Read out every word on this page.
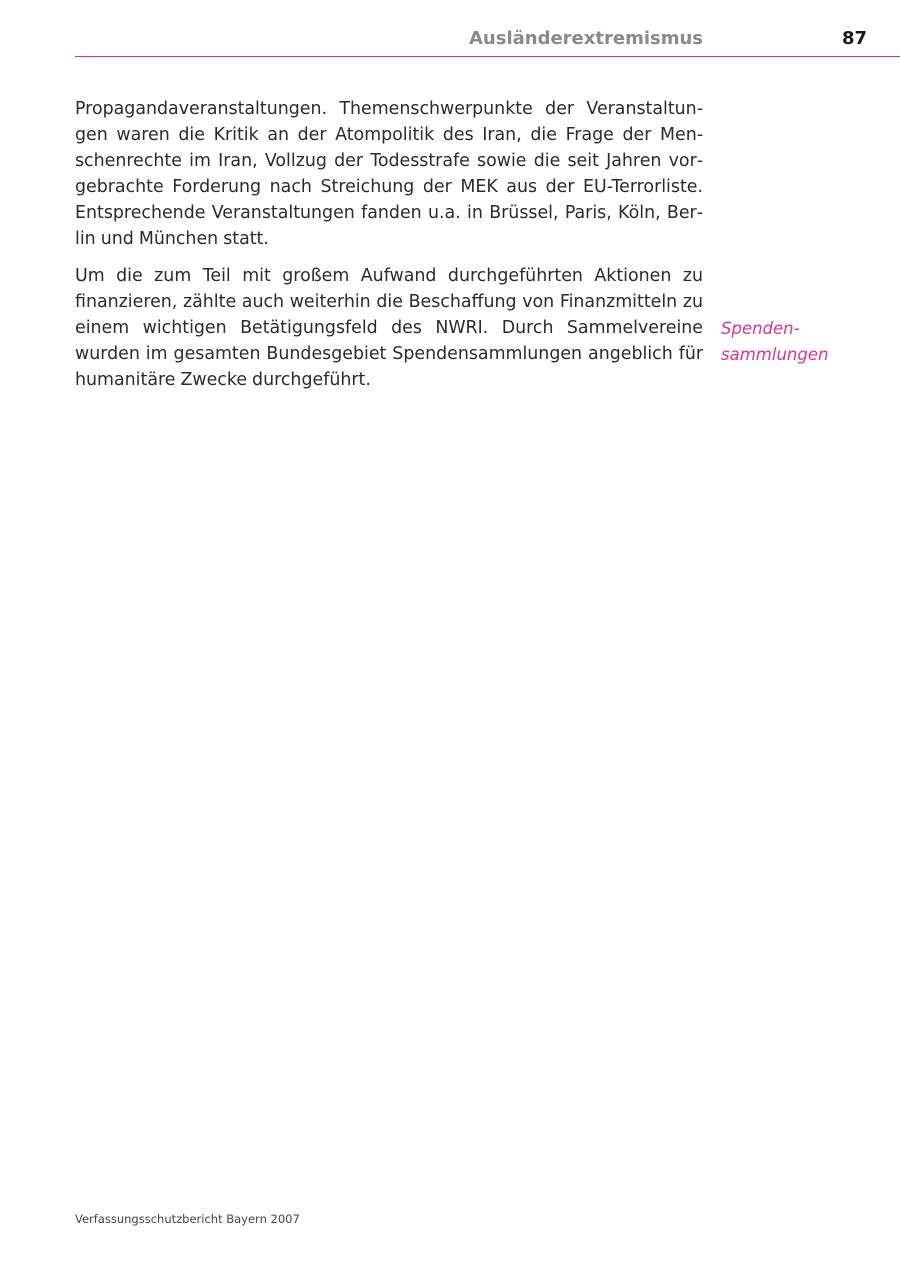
Ausländerextremismus	87

Propagandaveranstaltungen. Themenschwerpunkte der Veranstaltungen waren die Kritik an der Atompolitik des Iran, die Frage der Menschenrechte im Iran, Vollzug der Todesstrafe sowie die seit Jahren vorgebrachte Forderung nach Streichung der MEK aus der EU-Terrorliste. Entsprechende Veranstaltungen fanden u.a. in Brüssel, Paris, Köln, Berlin und München statt.

Um die zum Teil mit großem Aufwand durchgeführten Aktionen zu finanzieren, zählte auch weiterhin die Beschaffung von Finanzmitteln zu einem wichtigen Betätigungsfeld des NWRI. Durch Sammelvereine wurden im gesamten Bundesgebiet Spendensammlungen angeblich für humanitäre Zwecke durchgeführt.

Spenden-
sammlungen
Verfassungsschutzbericht Bayern 2007
